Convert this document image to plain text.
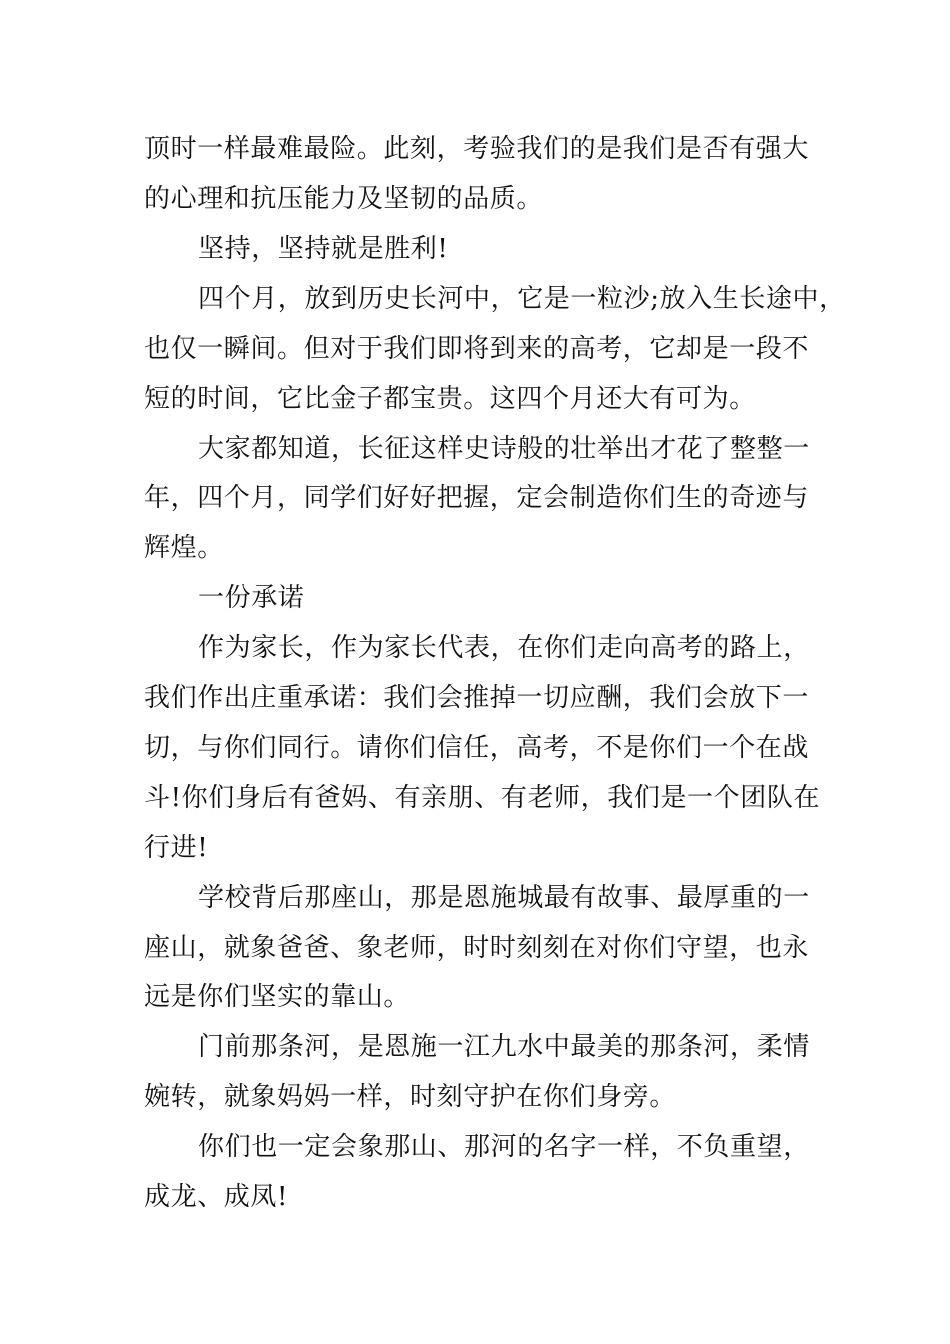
顶时一样最难最险。此刻，考验我们的是我们是否有强大

的心理和抗压能力及坚韧的品质。

坚持，坚持就是胜利!

四个月，放到历史长河中，它是一粒沙;放入生长途中，

也仅一瞬间。但对于我们即将到来的高考，它却是一段不

短的时间，它比金子都宝贵。这四个月还大有可为。

大家都知道，长征这样史诗般的壮举出才花了整整一

年，四个月，同学们好好把握，定会制造你们生的奇迹与

辉煌。

一份承诺

作为家长，作为家长代表，在你们走向高考的路上，

我们作出庄重承诺：我们会推掉一切应酬，我们会放下一

切，与你们同行。请你们信任，高考，不是你们一个在战

斗!你们身后有爸妈、有亲朋、有老师，我们是一个团队在

行进!

学校背后那座山，那是恩施城最有故事、最厚重的一

座山，就象爸爸、象老师，时时刻刻在对你们守望，也永

远是你们坚实的靠山。

门前那条河，是恩施一江九水中最美的那条河，柔情

婉转，就象妈妈一样，时刻守护在你们身旁。

你们也一定会象那山、那河的名字一样，不负重望，

成龙、成凤!
